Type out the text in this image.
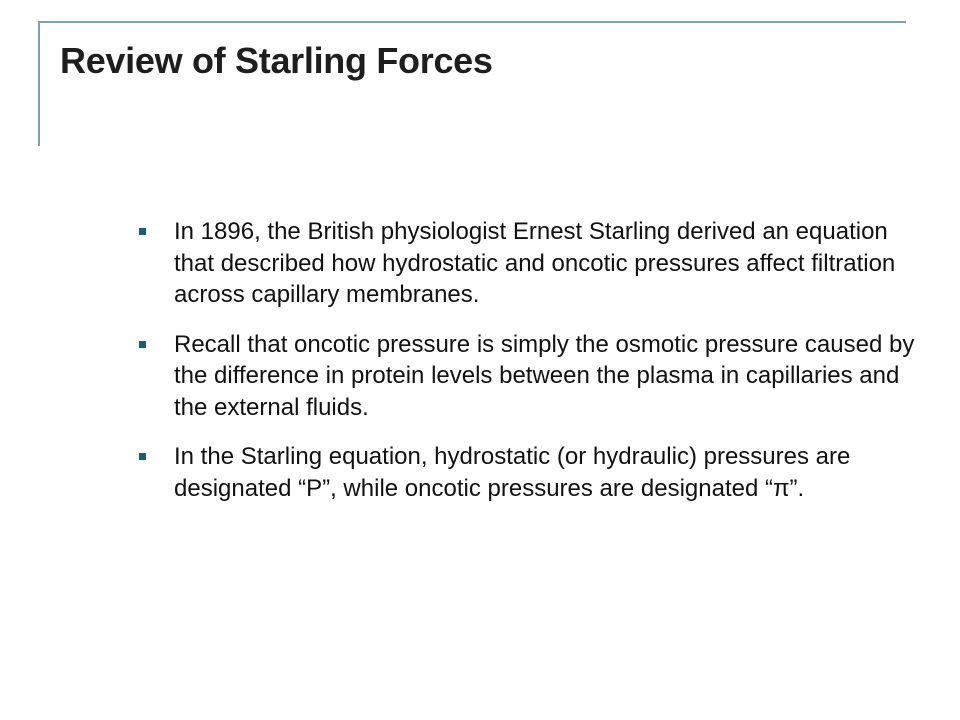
Review of Starling Forces
In 1896, the British physiologist Ernest Starling derived an equation that described how hydrostatic and oncotic pressures affect filtration across capillary membranes.
Recall that oncotic pressure is simply the osmotic pressure caused by the difference in protein levels between the plasma in capillaries and the external fluids.
In the Starling equation, hydrostatic (or hydraulic) pressures are designated “P”, while oncotic pressures are designated “π”.
